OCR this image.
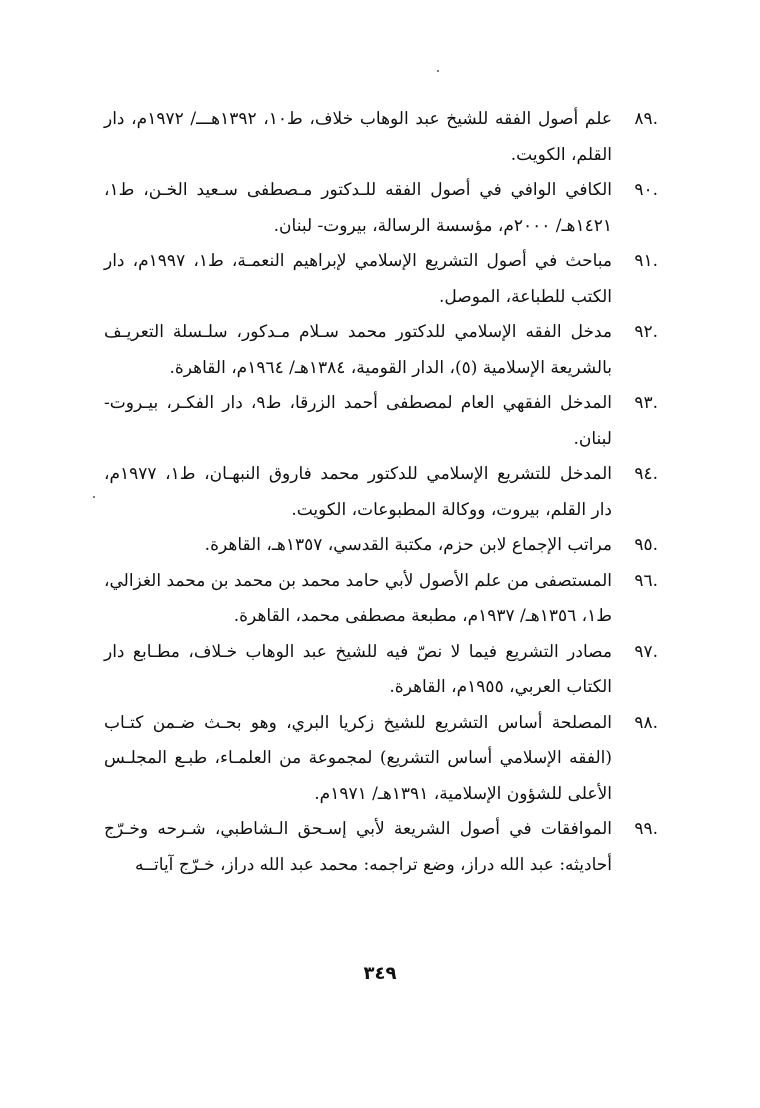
٨٩.
علم أصول الفقه للشيخ عبد الوهاب خلاف، ط١٠، ١٣٩٢هـــ/ ١٩٧٢م، دار القلم، الكويت.
٩٠.
الكافي الوافي في أصول الفقه للـدكتور مـصطفى سـعيد الخـن، ط١، ١٤٢١هـ/ ٢٠٠٠م، مؤسسة الرسالة، بيروت- لبنان.
٩١.
مباحث في أصول التشريع الإسلامي لإبراهيم النعمـة، ط١، ١٩٩٧م، دار الكتب للطباعة، الموصل.
٩٢.
مدخل الفقه الإسلامي للدكتور محمد سـلام مـدكور، سلـسلة التعريـف بالشريعة الإسلامية (٥)، الدار القومية، ١٣٨٤هـ/ ١٩٦٤م، القاهرة.
٩٣.
المدخل الفقهي العام لمصطفى أحمد الزرقا، ط٩، دار الفكـر، بيـروت- لبنان.
٩٤.
المدخل للتشريع الإسلامي للدكتور محمد فاروق النبهـان، ط١، ١٩٧٧م، دار القلم، بيروت، ووكالة المطبوعات، الكويت.
٩٥.
مراتب الإجماع لابن حزم، مكتبة القدسي، ١٣٥٧هـ، القاهرة.
٩٦.
المستصفى من علم الأصول لأبي حامد محمد بن محمد بن محمد الغزالي، ط١، ١٣٥٦هـ/ ١٩٣٧م، مطبعة مصطفى محمد، القاهرة.
٩٧.
مصادر التشريع فيما لا نصّ فيه للشيخ عبد الوهاب خـلاف، مطـابع دار الكتاب العربي، ١٩٥٥م، القاهرة.
٩٨.
المصلحة أساس التشريع للشيخ زكريا البري، وهو بحـث ضـمن كتـاب (الفقه الإسلامي أساس التشريع) لمجموعة من العلمـاء، طبـع المجلـس الأعلى للشؤون الإسلامية، ١٣٩١هـ/ ١٩٧١م.
٩٩.
الموافقات في أصول الشريعة لأبي إسـحق الـشاطبي، شـرحه وخـرّج أحاديثه: عبد الله دراز، وضع تراجمه: محمد عبد الله دراز، خـرّج آياتــه
٣٤٩
